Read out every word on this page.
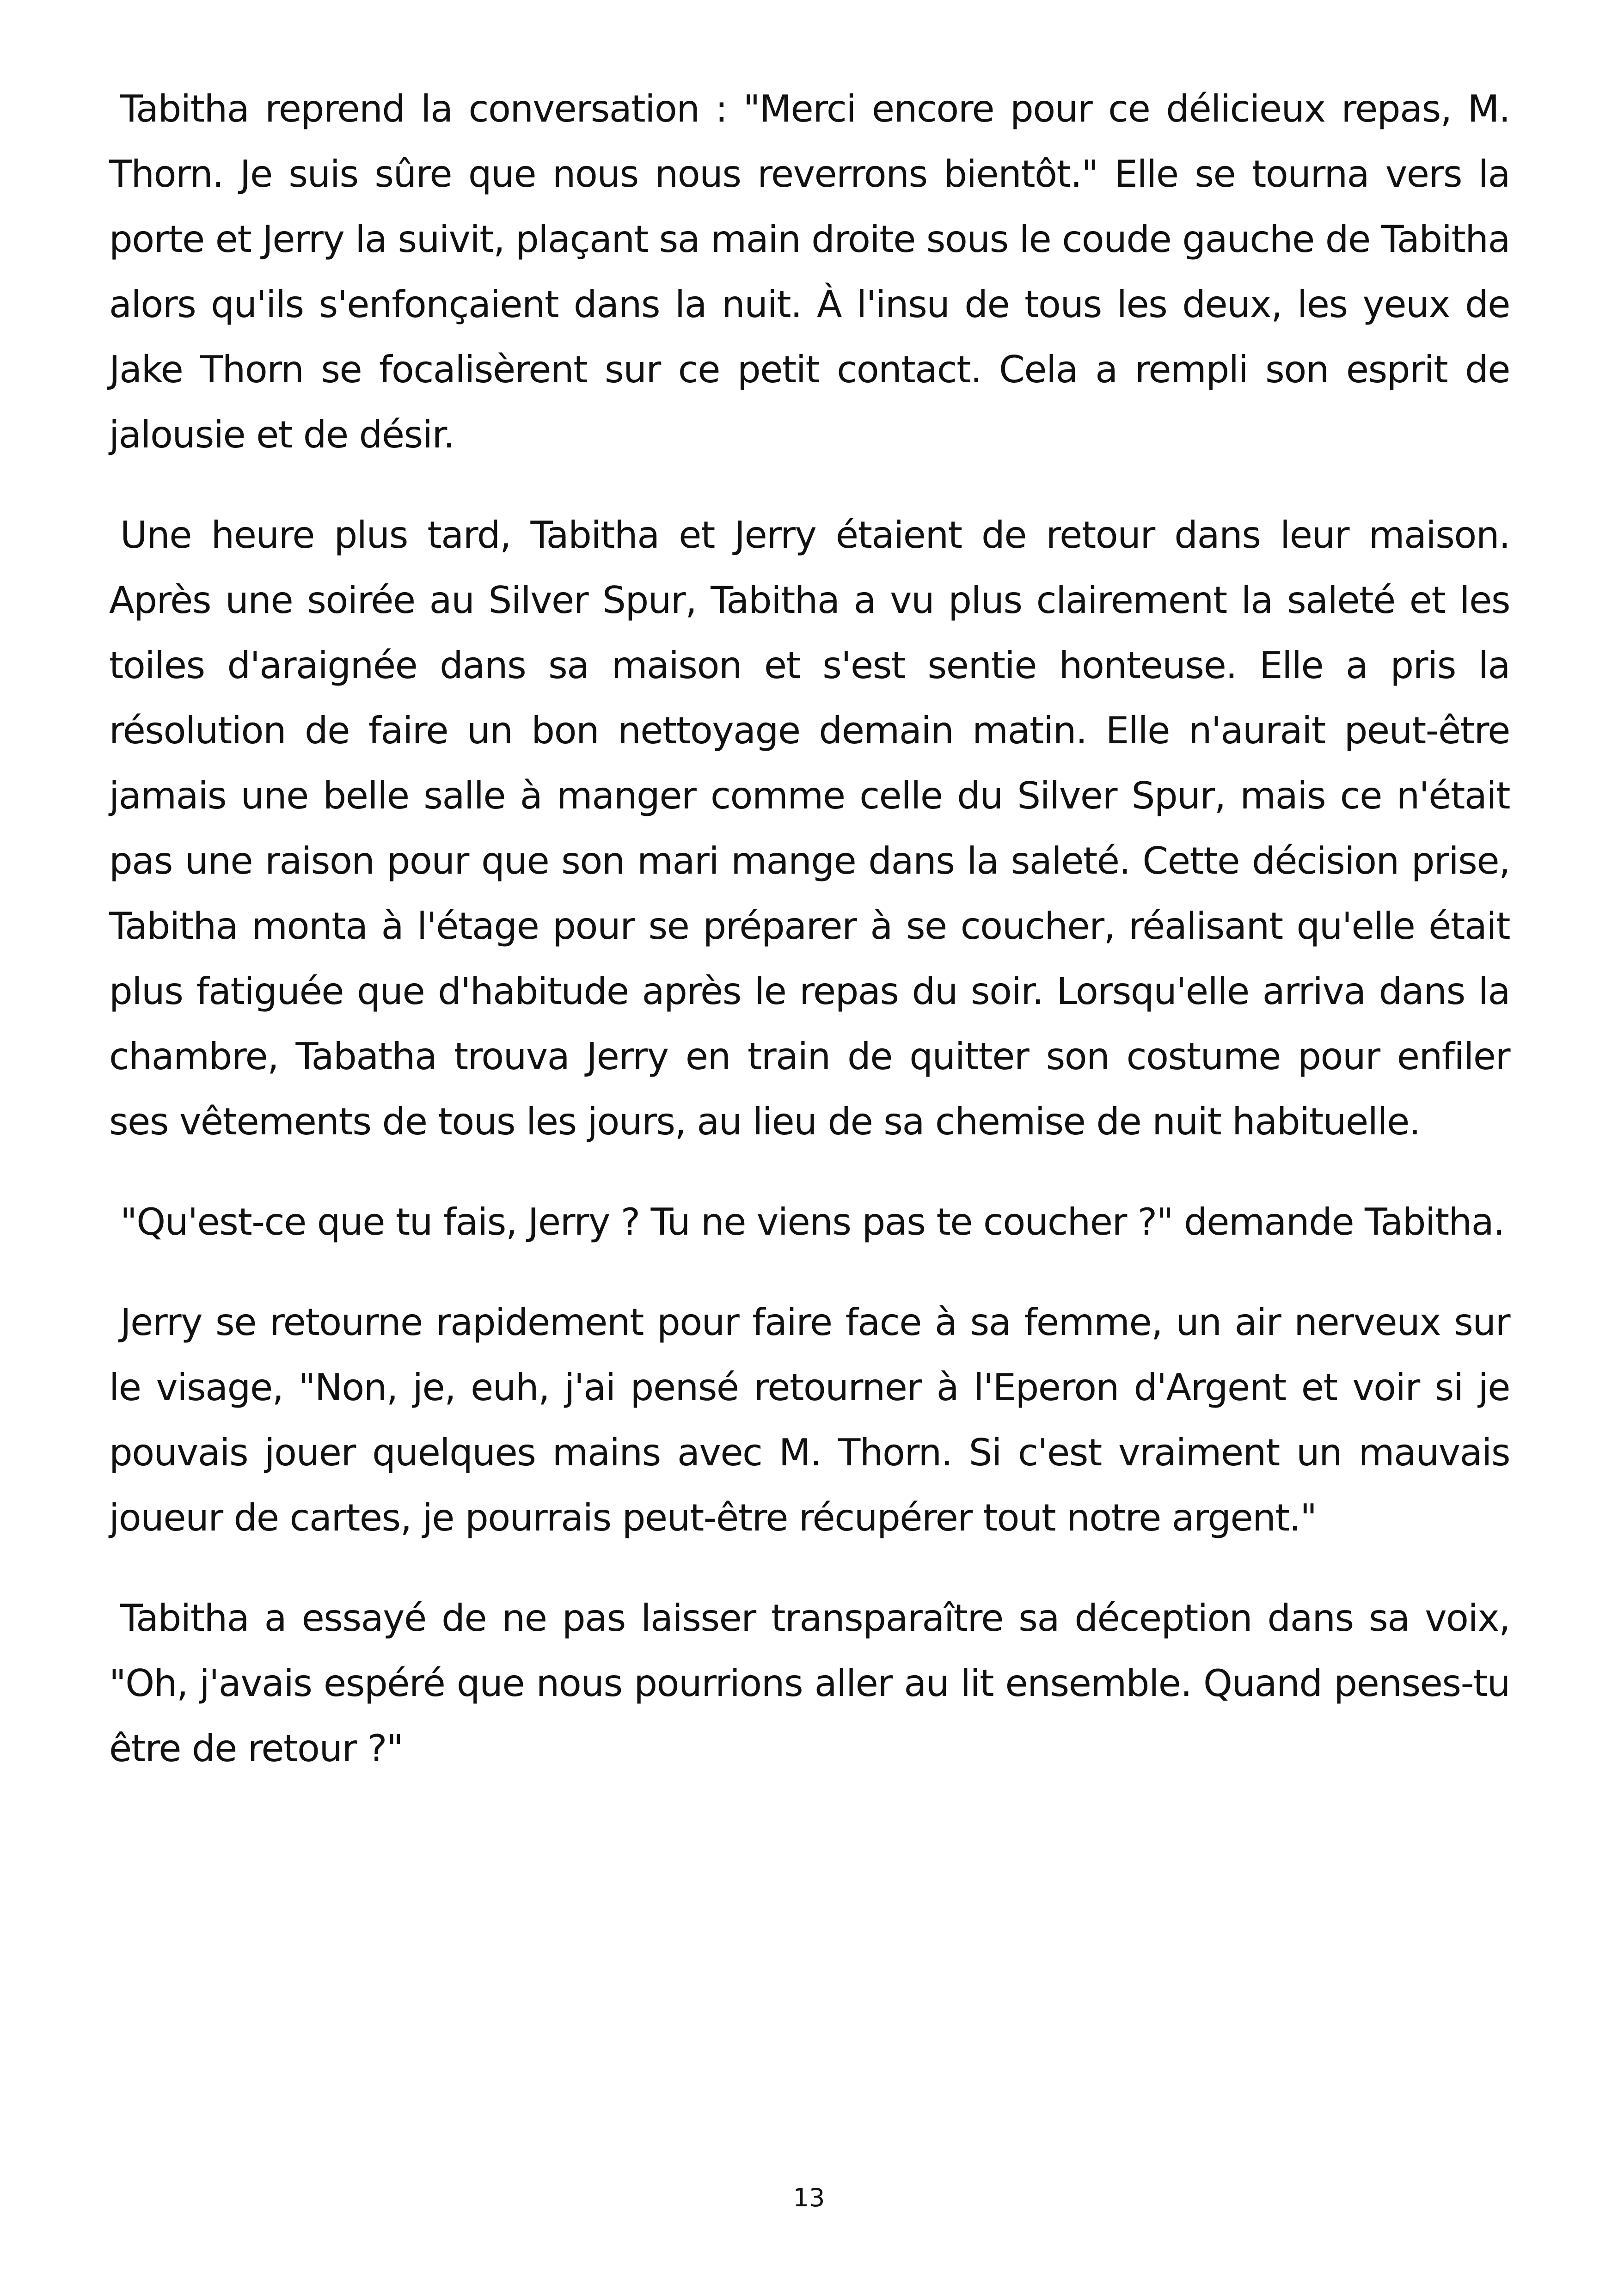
Tabitha reprend la conversation : "Merci encore pour ce délicieux repas, M. Thorn. Je suis sûre que nous nous reverrons bientôt." Elle se tourna vers la porte et Jerry la suivit, plaçant sa main droite sous le coude gauche de Tabitha alors qu'ils s'enfonçaient dans la nuit. À l'insu de tous les deux, les yeux de Jake Thorn se focalisèrent sur ce petit contact. Cela a rempli son esprit de jalousie et de désir.

Une heure plus tard, Tabitha et Jerry étaient de retour dans leur maison. Après une soirée au Silver Spur, Tabitha a vu plus clairement la saleté et les toiles d'araignée dans sa maison et s'est sentie honteuse. Elle a pris la résolution de faire un bon nettoyage demain matin. Elle n'aurait peut-être jamais une belle salle à manger comme celle du Silver Spur, mais ce n'était pas une raison pour que son mari mange dans la saleté. Cette décision prise, Tabitha monta à l'étage pour se préparer à se coucher, réalisant qu'elle était plus fatiguée que d'habitude après le repas du soir. Lorsqu'elle arriva dans la chambre, Tabatha trouva Jerry en train de quitter son costume pour enfiler ses vêtements de tous les jours, au lieu de sa chemise de nuit habituelle.

"Qu'est-ce que tu fais, Jerry ? Tu ne viens pas te coucher ?" demande Tabitha.

Jerry se retourne rapidement pour faire face à sa femme, un air nerveux sur le visage, "Non, je, euh, j'ai pensé retourner à l'Eperon d'Argent et voir si je pouvais jouer quelques mains avec M. Thorn. Si c'est vraiment un mauvais joueur de cartes, je pourrais peut-être récupérer tout notre argent."

Tabitha a essayé de ne pas laisser transparaître sa déception dans sa voix, "Oh, j'avais espéré que nous pourrions aller au lit ensemble. Quand penses-tu être de retour ?"

13
